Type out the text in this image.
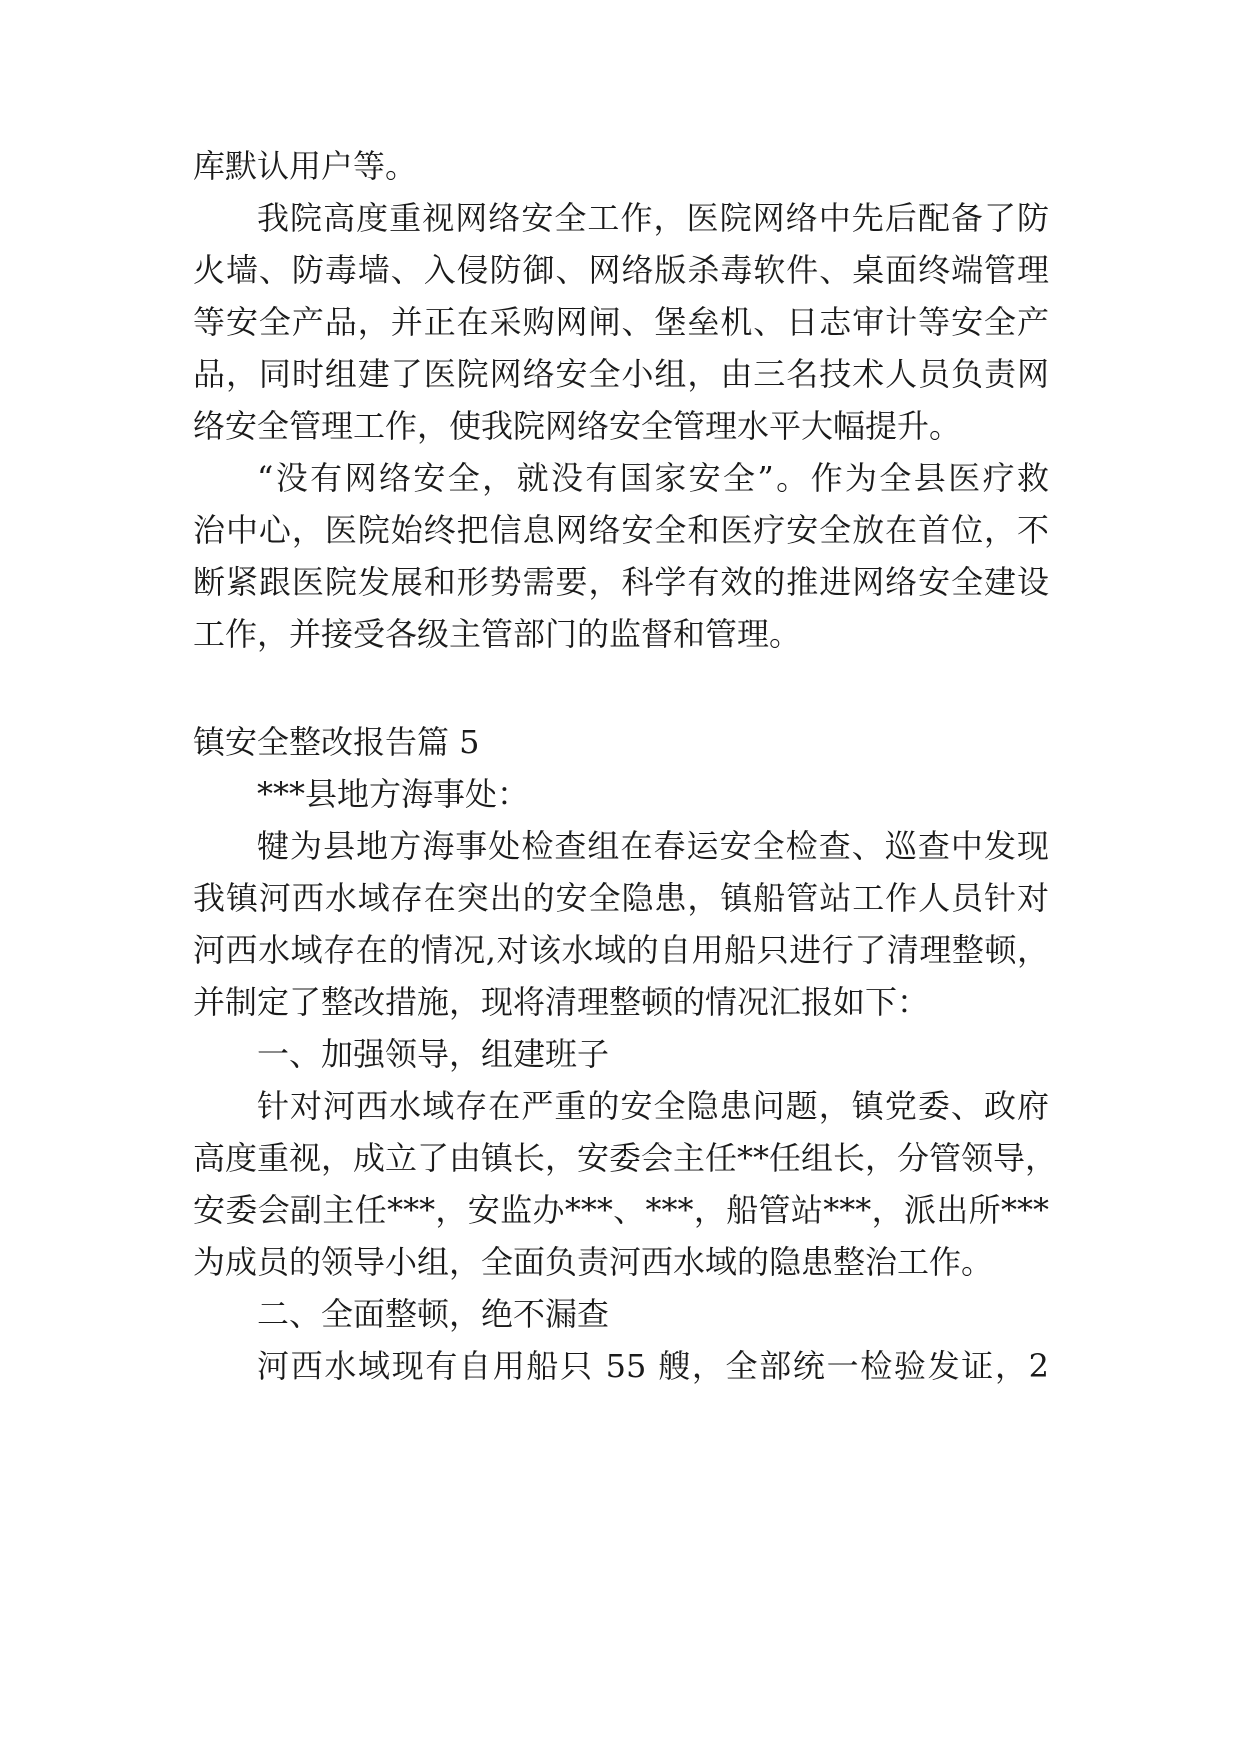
库默认用户等。
我院高度重视网络安全工作，医院网络中先后配备了防
火墙、防毒墙、入侵防御、网络版杀毒软件、桌面终端管理
等安全产品，并正在采购网闸、堡垒机、日志审计等安全产
品，同时组建了医院网络安全小组，由三名技术人员负责网
络安全管理工作，使我院网络安全管理水平大幅提升。
“没有网络安全，就没有国家安全”。作为全县医疗救
治中心，医院始终把信息网络安全和医疗安全放在首位，不
断紧跟医院发展和形势需要，科学有效的推进网络安全建设
工作，并接受各级主管部门的监督和管理。
镇安全整改报告篇 5
***县地方海事处：
犍为县地方海事处检查组在春运安全检查、巡查中发现
我镇河西水域存在突出的安全隐患，镇船管站工作人员针对
河西水域存在的情况,对该水域的自用船只进行了清理整顿，
并制定了整改措施，现将清理整顿的情况汇报如下：
一、加强领导，组建班子
针对河西水域存在严重的安全隐患问题，镇党委、政府
高度重视，成立了由镇长，安委会主任**任组长，分管领导，
安委会副主任***，安监办***、***，船管站***，派出所***
为成员的领导小组，全面负责河西水域的隐患整治工作。
二、全面整顿，绝不漏查
河西水域现有自用船只 55 艘，全部统一检验发证，2
